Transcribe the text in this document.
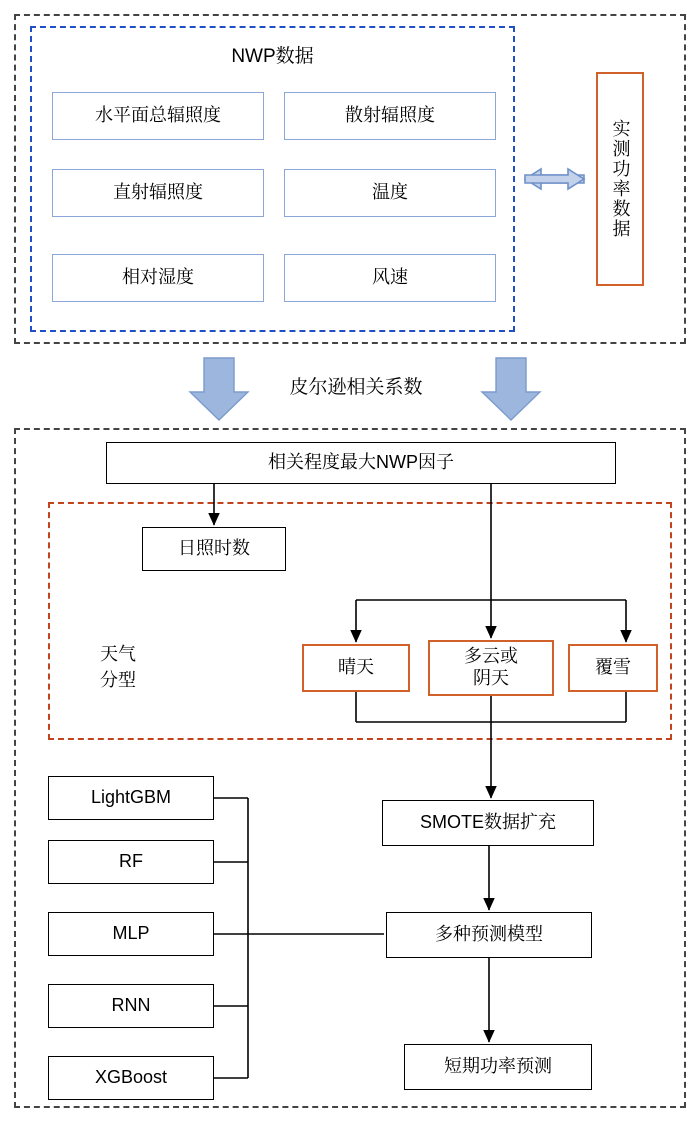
NWP数据
水平面总辐照度	散射辐照度
直射辐照度	温度
相对湿度	风速
实测功率数据
皮尔逊相关系数
相关程度最大NWP因子
天气
分型
日照时数
晴天
多云或
阴天
覆雪
SMOTE数据扩充
多种预测模型
短期功率预测
LightGBM
RF
MLP
RNN
XGBoost
